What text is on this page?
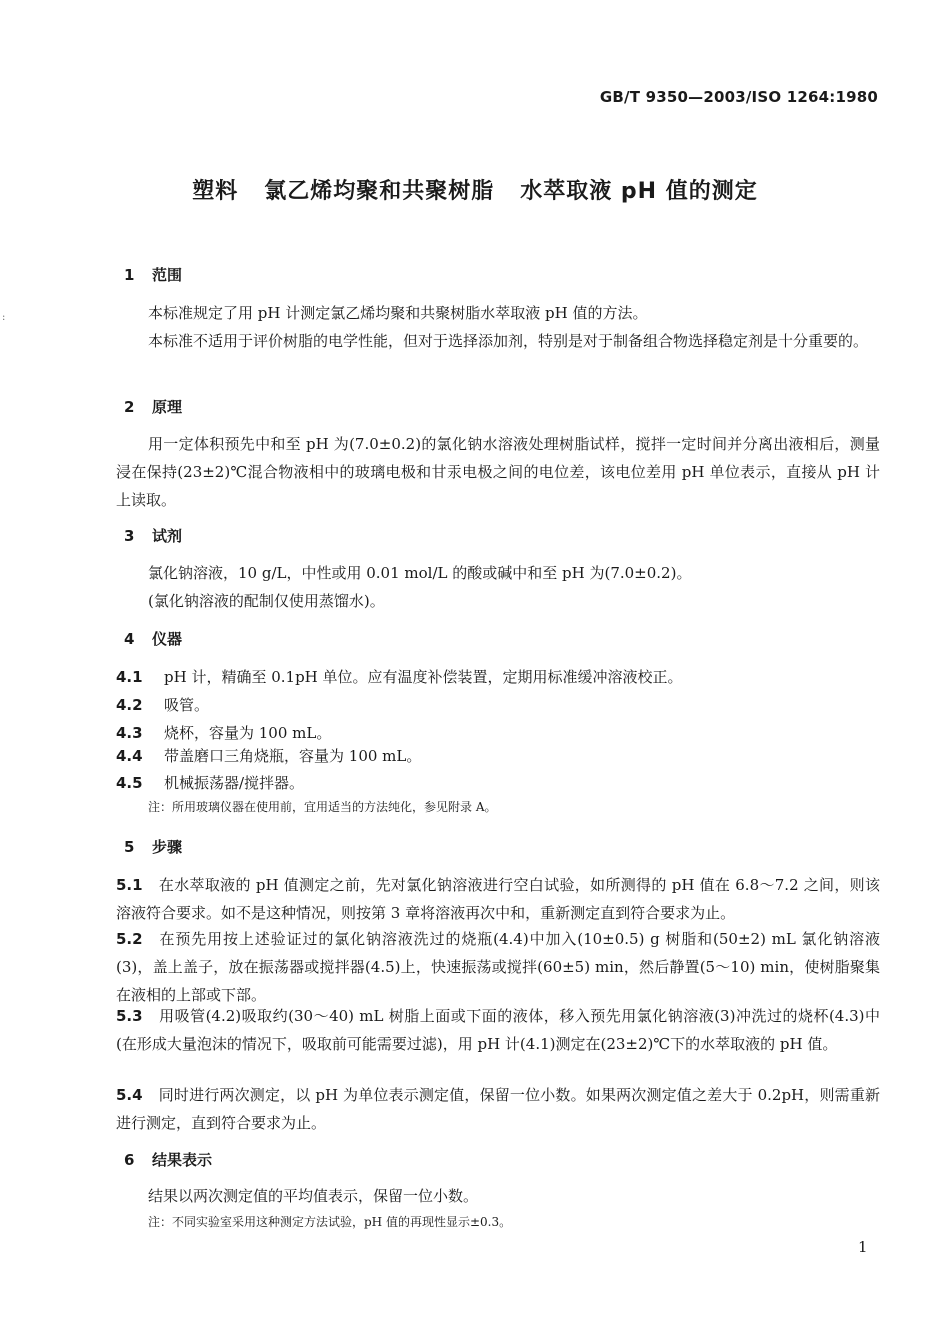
:
GB/T 9350—2003/ISO 1264:1980
塑料   氯乙烯均聚和共聚树脂   水萃取液 pH 值的测定
1 范围
本标准规定了用 pH 计测定氯乙烯均聚和共聚树脂水萃取液 pH 值的方法。
本标准不适用于评价树脂的电学性能，但对于选择添加剂，特别是对于制备组合物选择稳定剂是十分重要的。
2 原理
用一定体积预先中和至 pH 为(7.0±0.2)的氯化钠水溶液处理树脂试样，搅拌一定时间并分离出液相后，测量浸在保持(23±2)℃混合物液相中的玻璃电极和甘汞电极之间的电位差，该电位差用 pH 单位表示，直接从 pH 计上读取。
3 试剂
氯化钠溶液，10 g/L，中性或用 0.01 mol/L 的酸或碱中和至 pH 为(7.0±0.2)。
(氯化钠溶液的配制仅使用蒸馏水)。
4 仪器
4.1 pH 计，精确至 0.1pH 单位。应有温度补偿装置，定期用标准缓冲溶液校正。
4.2 吸管。
4.3 烧杯，容量为 100 mL。
4.4 带盖磨口三角烧瓶，容量为 100 mL。
4.5 机械振荡器/搅拌器。
注：所用玻璃仪器在使用前，宜用适当的方法纯化，参见附录 A。
5 步骤
5.1 在水萃取液的 pH 值测定之前，先对氯化钠溶液进行空白试验，如所测得的 pH 值在 6.8～7.2 之间，则该溶液符合要求。如不是这种情况，则按第 3 章将溶液再次中和，重新测定直到符合要求为止。
5.2 在预先用按上述验证过的氯化钠溶液洗过的烧瓶(4.4)中加入(10±0.5) g 树脂和(50±2) mL 氯化钠溶液(3)，盖上盖子，放在振荡器或搅拌器(4.5)上，快速振荡或搅拌(60±5) min，然后静置(5～10) min，使树脂聚集在液相的上部或下部。
5.3 用吸管(4.2)吸取约(30～40) mL 树脂上面或下面的液体，移入预先用氯化钠溶液(3)冲洗过的烧杯(4.3)中(在形成大量泡沫的情况下，吸取前可能需要过滤)，用 pH 计(4.1)测定在(23±2)℃下的水萃取液的 pH 值。
5.4 同时进行两次测定，以 pH 为单位表示测定值，保留一位小数。如果两次测定值之差大于 0.2pH，则需重新进行测定，直到符合要求为止。
6 结果表示
结果以两次测定值的平均值表示，保留一位小数。
注：不同实验室采用这种测定方法试验，pH 值的再现性显示±0.3。
1
